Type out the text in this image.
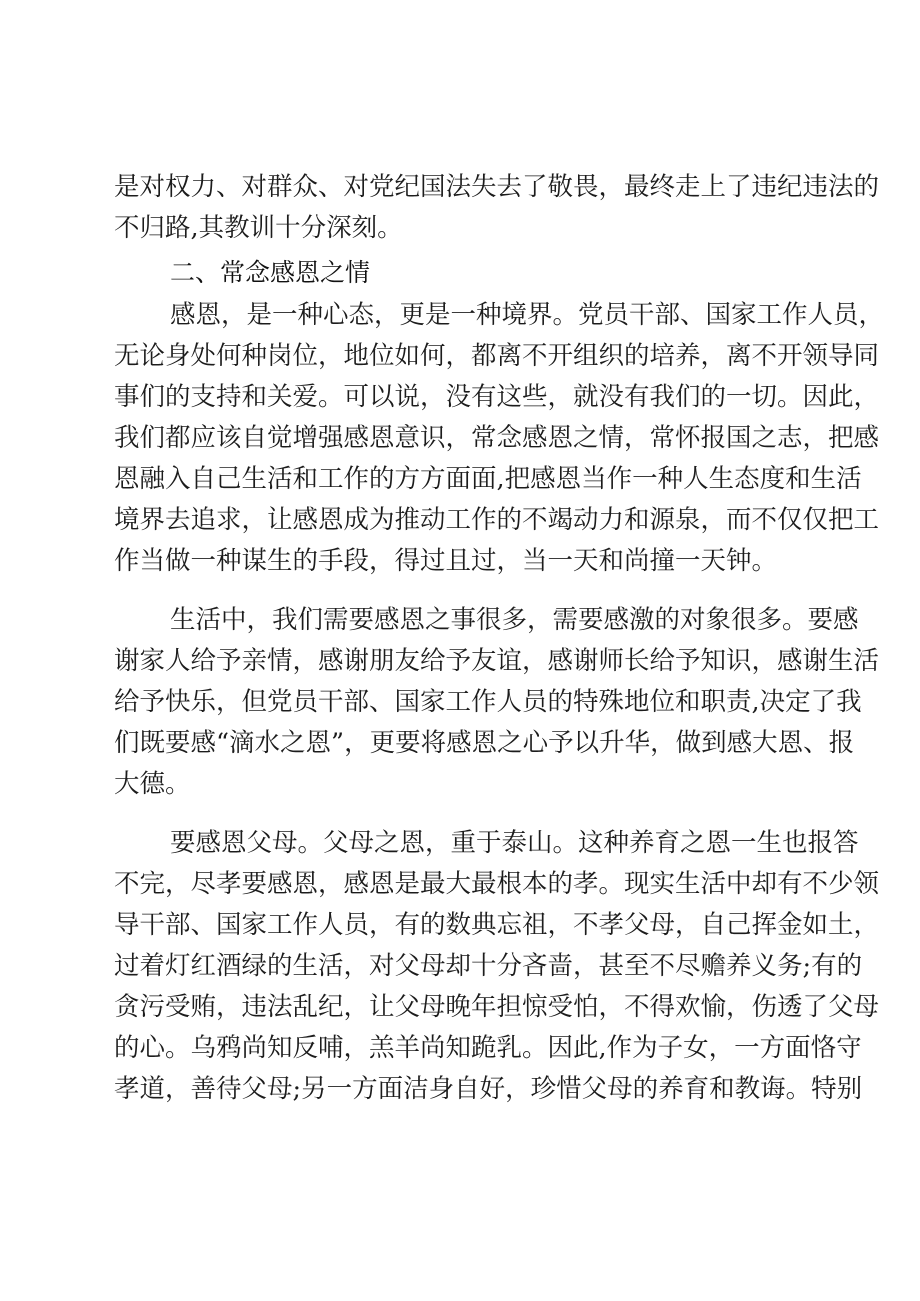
是对权力、对群众、对党纪国法失去了敬畏，最终走上了违纪违法的
不归路,其教训十分深刻。
二、常念感恩之情
感恩，是一种心态，更是一种境界。党员干部、国家工作人员，
无论身处何种岗位，地位如何，都离不开组织的培养，离不开领导同
事们的支持和关爱。可以说，没有这些，就没有我们的一切。因此，
我们都应该自觉增强感恩意识，常念感恩之情，常怀报国之志，把感
恩融入自己生活和工作的方方面面,把感恩当作一种人生态度和生活
境界去追求，让感恩成为推动工作的不竭动力和源泉，而不仅仅把工
作当做一种谋生的手段，得过且过，当一天和尚撞一天钟。
生活中，我们需要感恩之事很多，需要感激的对象很多。要感
谢家人给予亲情，感谢朋友给予友谊，感谢师长给予知识，感谢生活
给予快乐，但党员干部、国家工作人员的特殊地位和职责,决定了我
们既要感“滴水之恩”，更要将感恩之心予以升华，做到感大恩、报
大德。
要感恩父母。父母之恩，重于泰山。这种养育之恩一生也报答
不完，尽孝要感恩，感恩是最大最根本的孝。现实生活中却有不少领
导干部、国家工作人员，有的数典忘祖，不孝父母，自己挥金如土，
过着灯红酒绿的生活，对父母却十分吝啬，甚至不尽赡养义务;有的
贪污受贿，违法乱纪，让父母晚年担惊受怕，不得欢愉，伤透了父母
的心。乌鸦尚知反哺，羔羊尚知跪乳。因此,作为子女，一方面恪守
孝道，善待父母;另一方面洁身自好，珍惜父母的养育和教诲。特别
